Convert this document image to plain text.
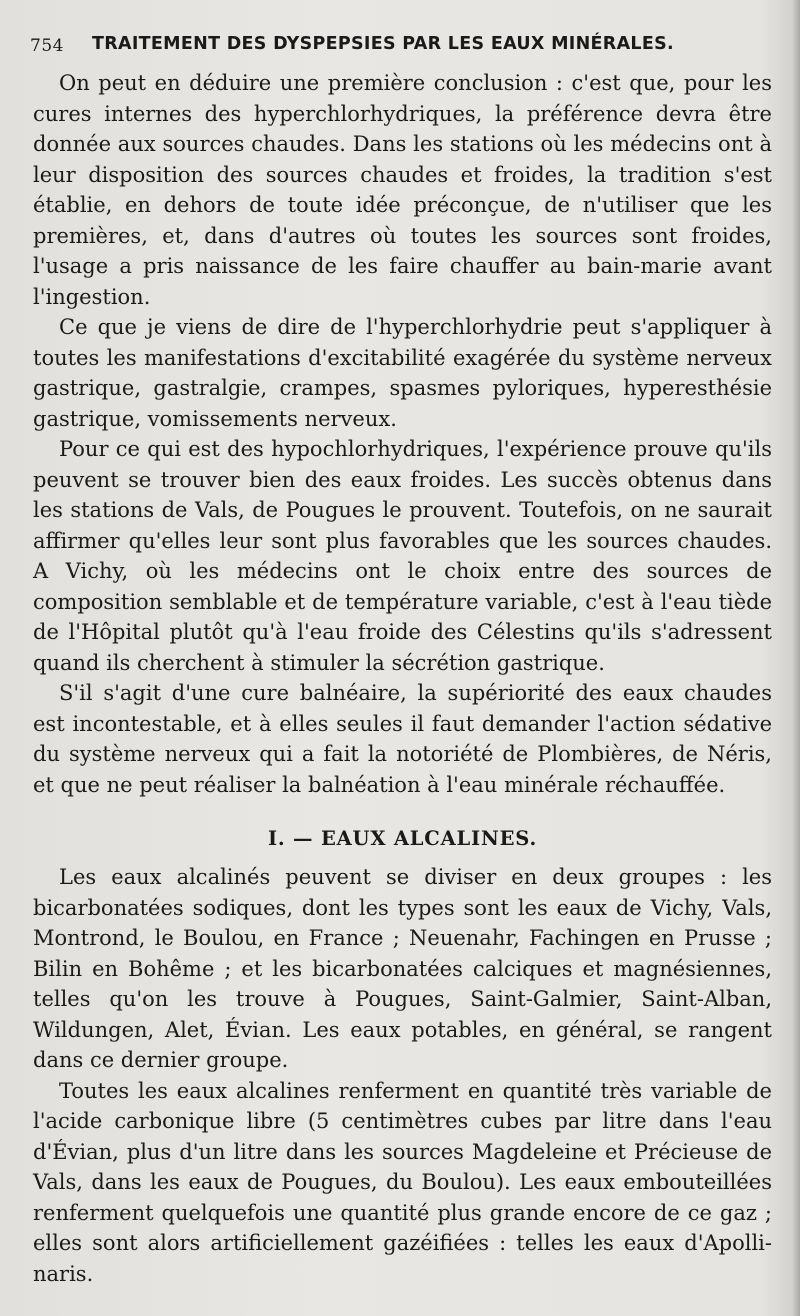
754 TRAITEMENT DES DYSPEPSIES PAR LES EAUX MINÉRALES.

On peut en déduire une première conclusion : c'est que, pour les cures internes des hyperchlorhydriques, la préférence devra être donnée aux sources chaudes. Dans les stations où les médecins ont à leur disposition des sources chaudes et froides, la tradition s'est établie, en dehors de toute idée préconçue, de n'utiliser que les premières, et, dans d'autres où toutes les sources sont froides, l'usage a pris naissance de les faire chauffer au bain-marie avant l'ingestion.

Ce que je viens de dire de l'hyperchlorhydrie peut s'appliquer à toutes les manifestations d'excitabilité exagérée du système nerveux gastrique, gastralgie, crampes, spasmes pyloriques, hyperesthésie gastrique, vomissements nerveux.

Pour ce qui est des hypochlorhydriques, l'expérience prouve qu'ils peuvent se trouver bien des eaux froides. Les succès obtenus dans les stations de Vals, de Pougues le prouvent. Toutefois, on ne saurait affirmer qu'elles leur sont plus favorables que les sources chaudes. A Vichy, où les médecins ont le choix entre des sources de composition semblable et de température variable, c'est à l'eau tiède de l'Hôpital plutôt qu'à l'eau froide des Célestins qu'ils s'adressent quand ils cherchent à stimuler la sécrétion gastrique.

S'il s'agit d'une cure balnéaire, la supériorité des eaux chaudes est incontestable, et à elles seules il faut demander l'action sédative du système nerveux qui a fait la notoriété de Plombières, de Néris, et que ne peut réaliser la balnéation à l'eau minérale réchauffée.

I. — EAUX ALCALINES.

Les eaux alcalinés peuvent se diviser en deux groupes : les bicarbonatées sodiques, dont les types sont les eaux de Vichy, Vals, Montrond, le Boulou, en France ; Neuenahr, Fachingen en Prusse ; Bilin en Bohême ; et les bicarbonatées calciques et magnésiennes, telles qu'on les trouve à Pougues, Saint-Galmier, Saint-Alban, Wildungen, Alet, Évian. Les eaux potables, en général, se rangent dans ce dernier groupe.

Toutes les eaux alcalines renferment en quantité très variable de l'acide carbonique libre (5 centimètres cubes par litre dans l'eau d'Évian, plus d'un litre dans les sources Magdeleine et Précieuse de Vals, dans les eaux de Pougues, du Boulou). Les eaux embouteillées renferment quelquefois une quantité plus grande encore de ce gaz ; elles sont alors artificiellement gazéifiées : telles les eaux d'Apolli-naris.
